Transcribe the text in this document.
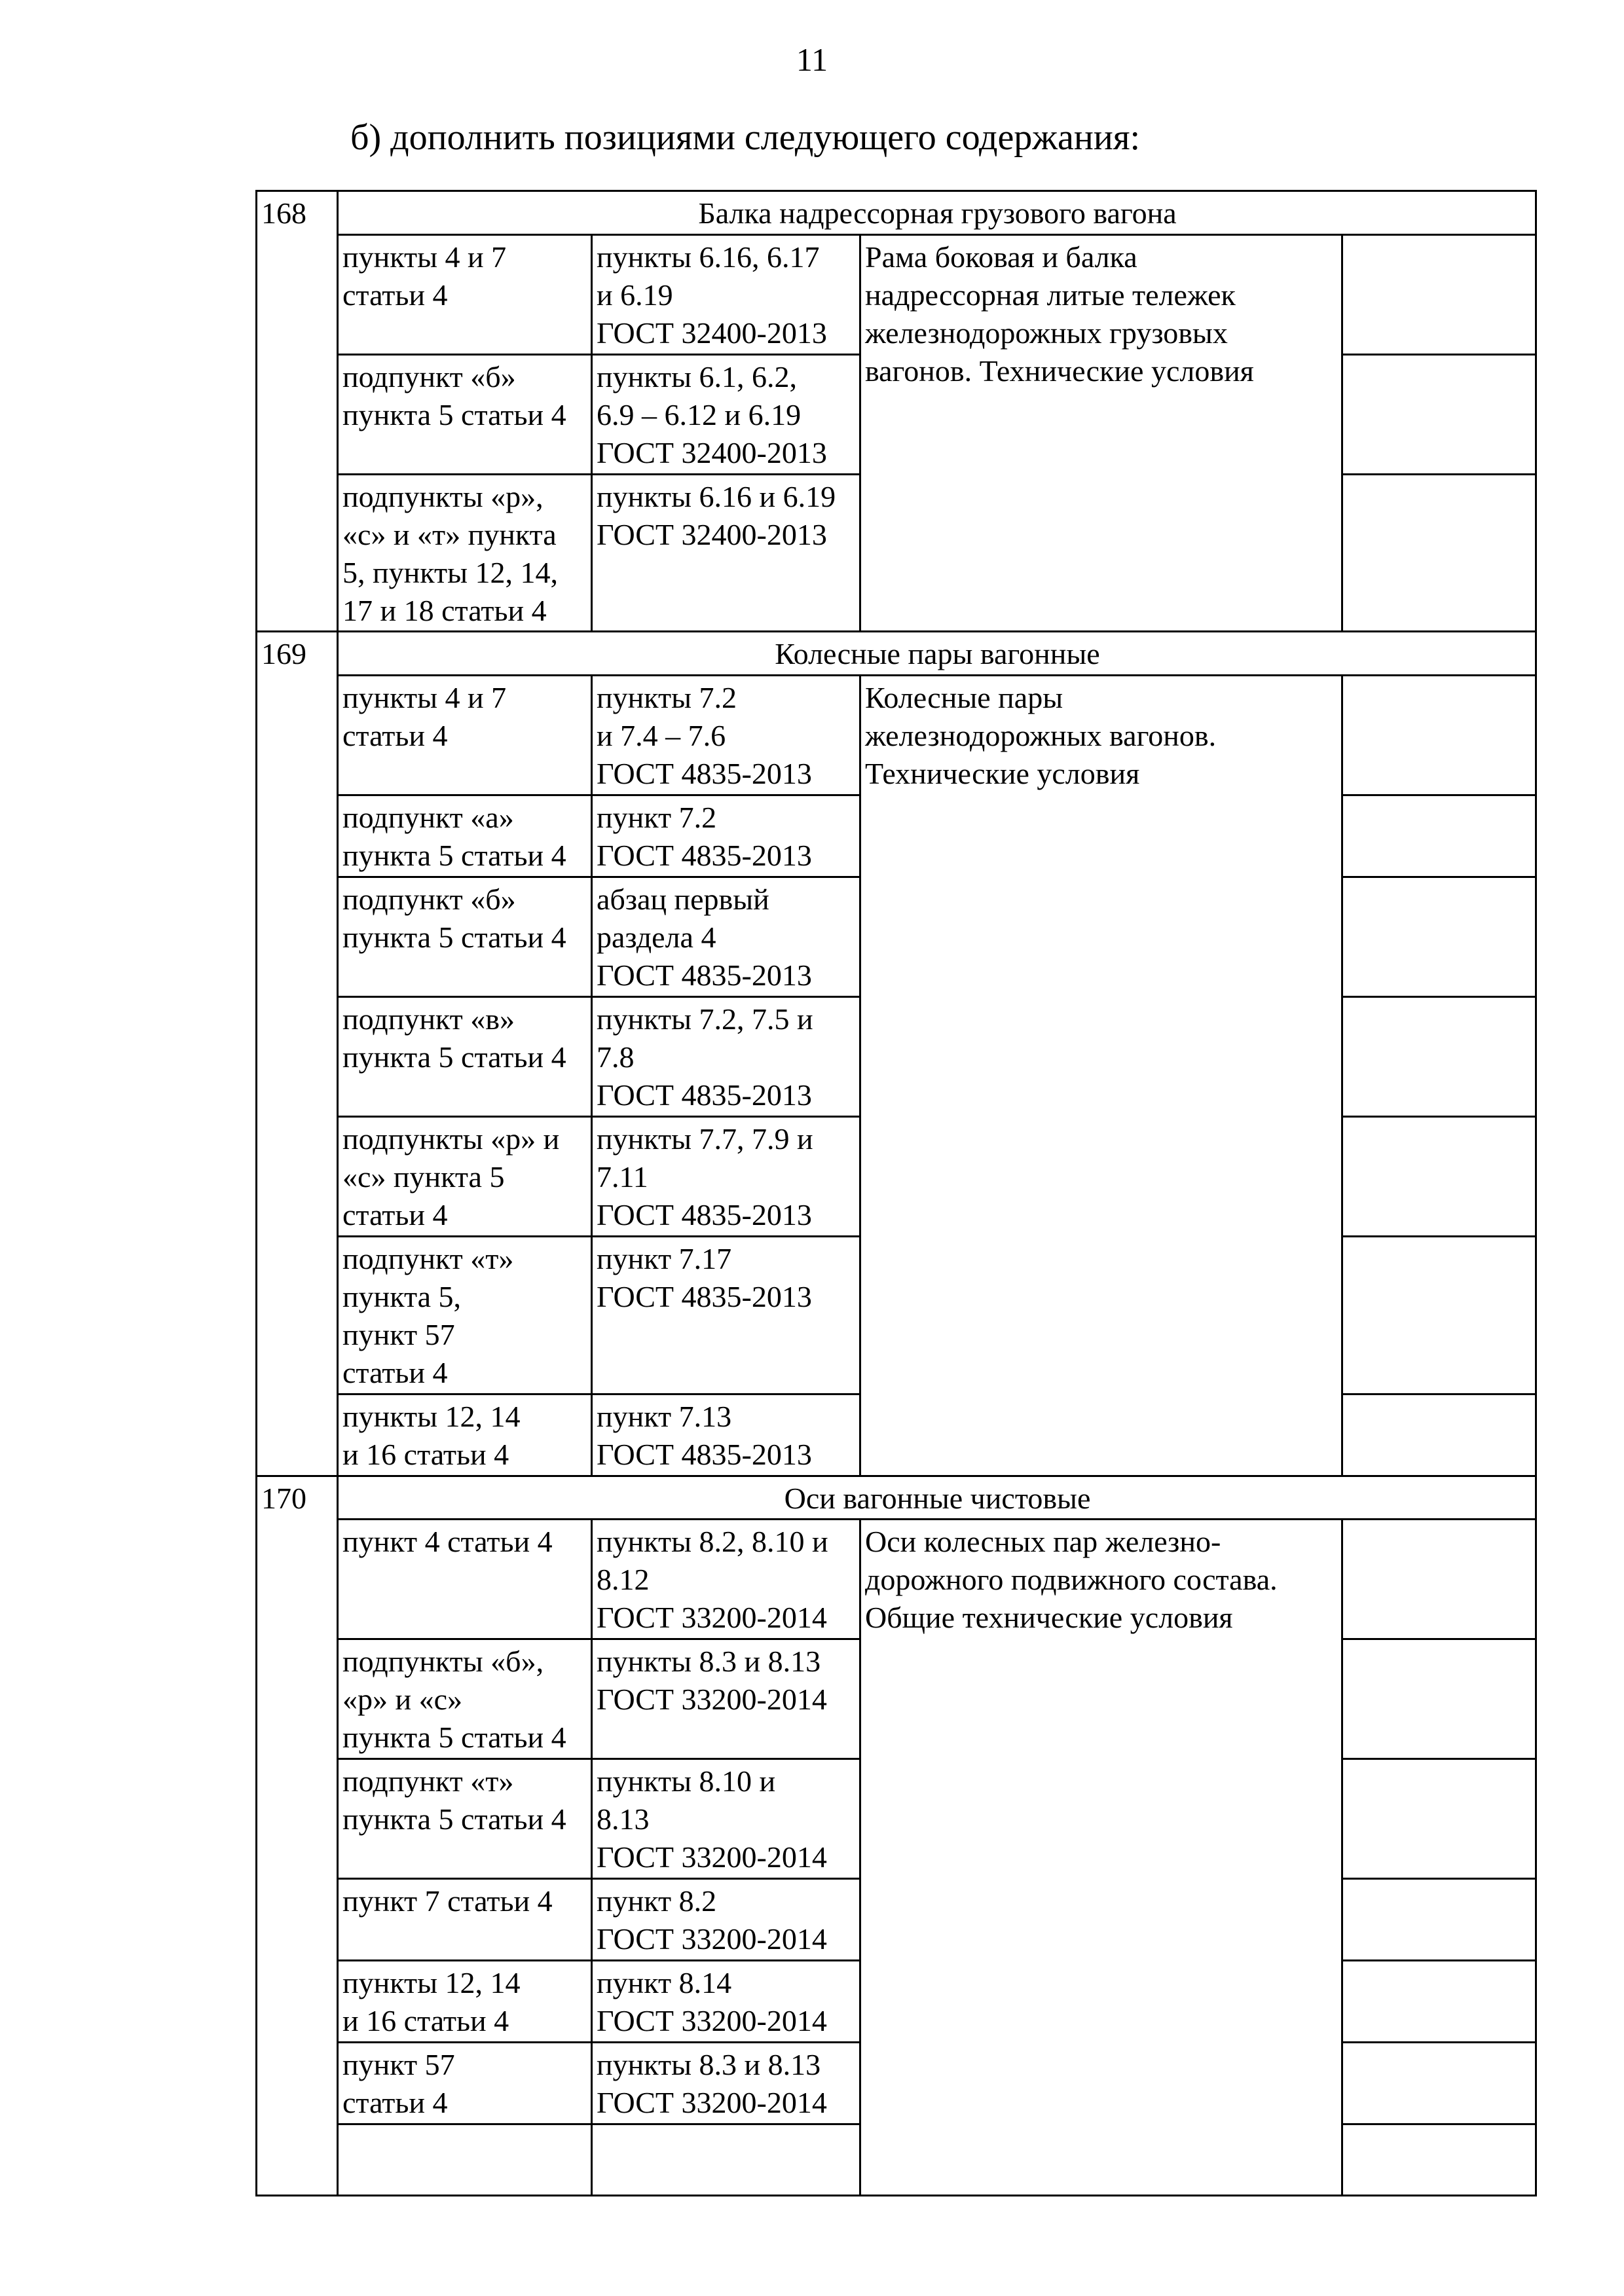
11
б) дополнить позициями следующего содержания:
168	Балка надрессорная грузового вагона			
	пункты 4 и 7
статьи 4	пункты 6.16, 6.17
и 6.19
ГОСТ 32400-2013	Рама боковая и балка
надрессорная литые тележек
железнодорожных грузовых
вагонов. Технические условия	
	подпункт «б»
пункта 5 статьи 4	пункты 6.1, 6.2,
6.9 – 6.12 и 6.19
ГОСТ 32400-2013		
	подпункты «р»,
«с» и «т» пункта
5, пункты 12, 14,
17 и 18 статьи 4	пункты 6.16 и 6.19
ГОСТ 32400-2013		
169	Колесные пары вагонные			
	пункты 4 и 7
статьи 4	пункты 7.2
и 7.4 – 7.6
ГОСТ 4835-2013	Колесные пары
железнодорожных вагонов.
Технические условия	
	подпункт «а»
пункта 5 статьи 4	пункт 7.2
ГОСТ 4835-2013		
	подпункт «б»
пункта 5 статьи 4	абзац первый
раздела 4
ГОСТ 4835-2013		
	подпункт «в»
пункта 5 статьи 4	пункты 7.2, 7.5 и
7.8
ГОСТ 4835-2013		
	подпункты «р» и
«с» пункта 5
статьи 4	пункты 7.7, 7.9 и
7.11
ГОСТ 4835-2013		
	подпункт «т»
пункта 5,
пункт 57
статьи 4	пункт 7.17
ГОСТ 4835-2013		
	пункты 12, 14
и 16 статьи 4	пункт 7.13
ГОСТ 4835-2013		
170	Оси вагонные чистовые			
	пункт 4 статьи 4	пункты 8.2, 8.10 и
8.12
ГОСТ 33200-2014	Оси колесных пар железно-
дорожного подвижного состава.
Общие технические условия	
	подпункты «б»,
«р» и «с»
пункта 5 статьи 4	пункты 8.3 и 8.13
ГОСТ 33200-2014		
	подпункт «т»
пункта 5 статьи 4	пункты 8.10 и
8.13
ГОСТ 33200-2014		
	пункт 7 статьи 4	пункт 8.2
ГОСТ 33200-2014		
	пункты 12, 14
и 16 статьи 4	пункт 8.14
ГОСТ 33200-2014		
	пункт 57
статьи 4	пункты 8.3 и 8.13
ГОСТ 33200-2014		
